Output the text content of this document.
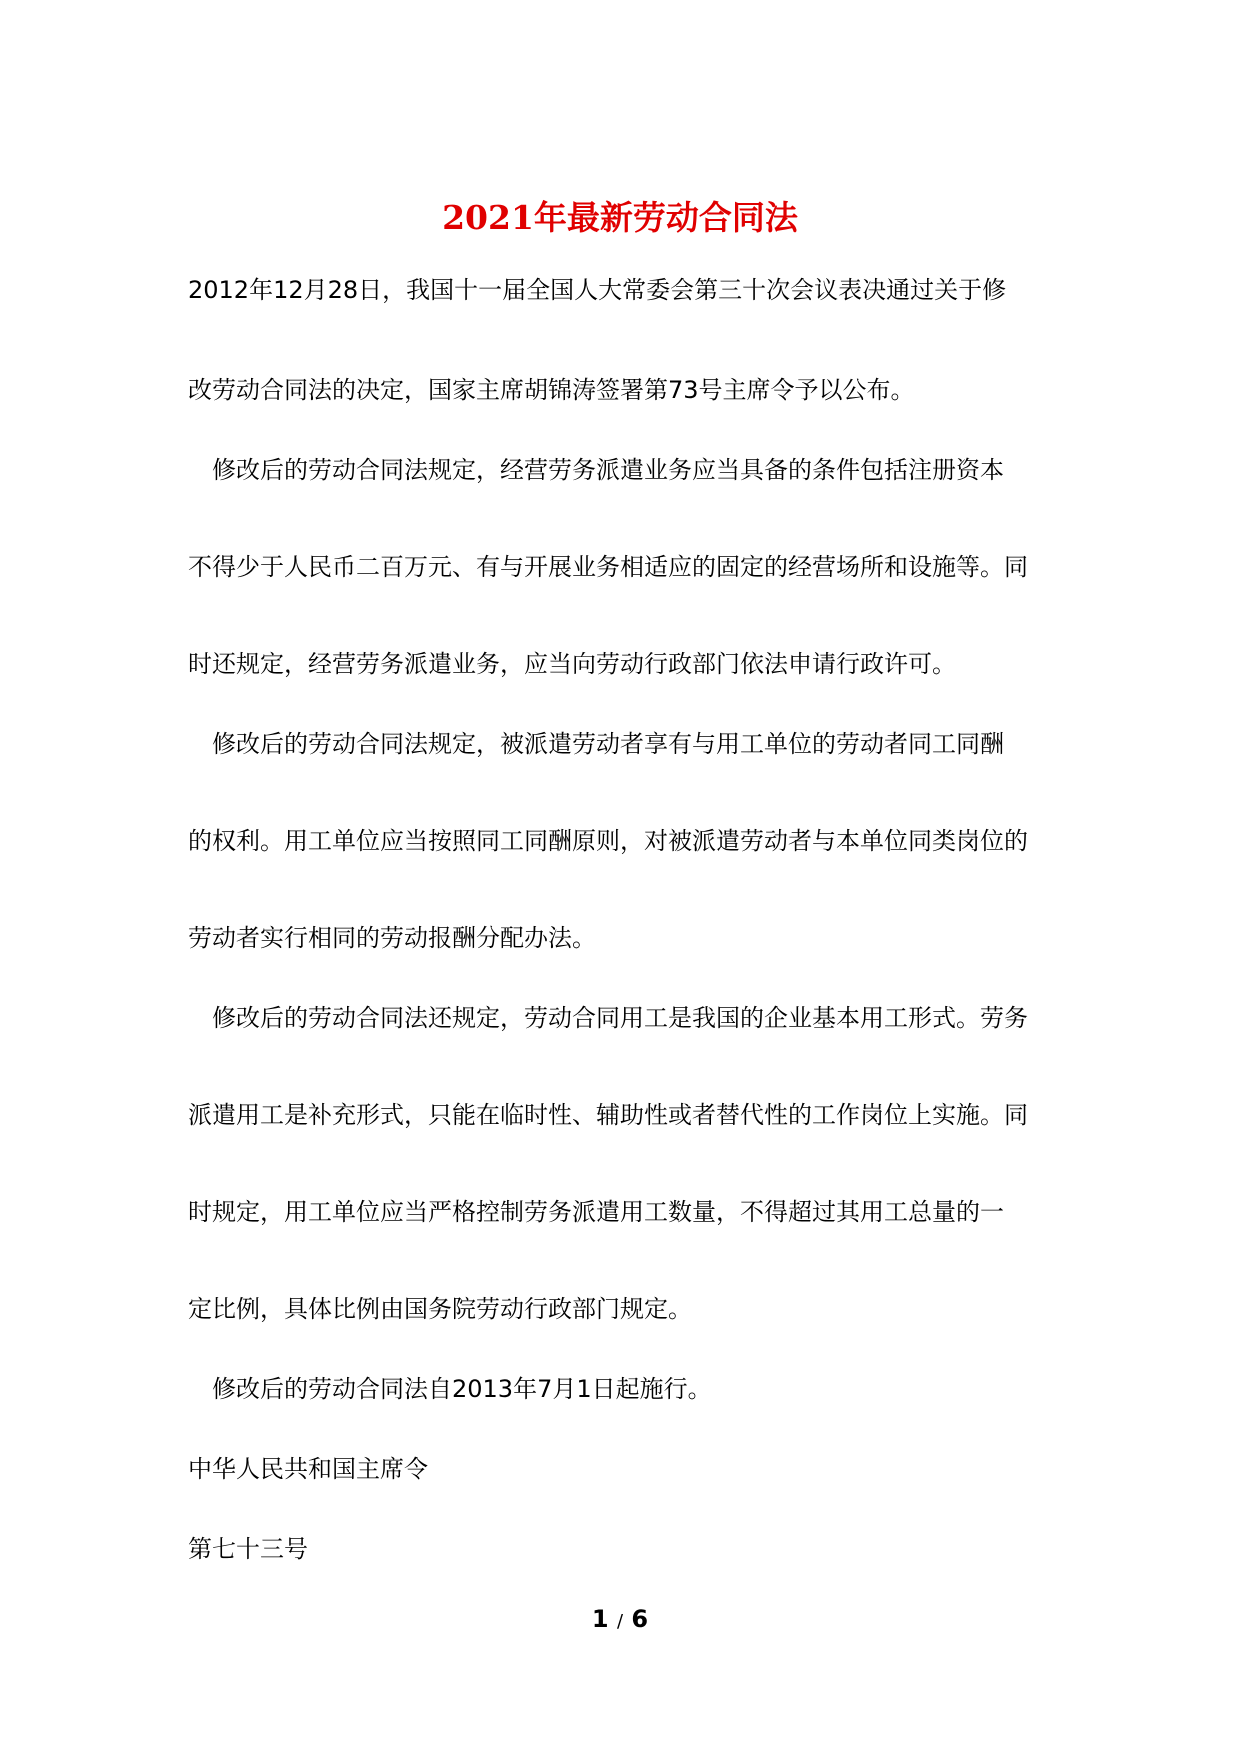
2021年最新劳动合同法
2012年12月28日，我国十一届全国人大常委会第三十次会议表决通过关于修
改劳动合同法的决定，国家主席胡锦涛签署第73号主席令予以公布。
　修改后的劳动合同法规定，经营劳务派遣业务应当具备的条件包括注册资本
不得少于人民币二百万元、有与开展业务相适应的固定的经营场所和设施等。同
时还规定，经营劳务派遣业务，应当向劳动行政部门依法申请行政许可。
　修改后的劳动合同法规定，被派遣劳动者享有与用工单位的劳动者同工同酬
的权利。用工单位应当按照同工同酬原则，对被派遣劳动者与本单位同类岗位的
劳动者实行相同的劳动报酬分配办法。
　修改后的劳动合同法还规定，劳动合同用工是我国的企业基本用工形式。劳务
派遣用工是补充形式，只能在临时性、辅助性或者替代性的工作岗位上实施。同
时规定，用工单位应当严格控制劳务派遣用工数量，不得超过其用工总量的一
定比例，具体比例由国务院劳动行政部门规定。
　修改后的劳动合同法自2013年7月1日起施行。
中华人民共和国主席令
第七十三号
1 / 6
